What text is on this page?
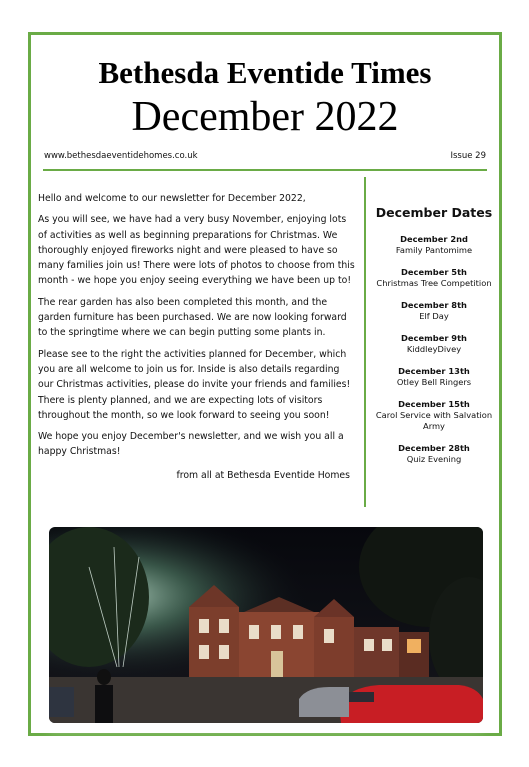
Bethesda Eventide Times
December 2022
www.bethesdaeventidehomes.co.uk	Issue 29

Hello and welcome to our newsletter for December 2022,

As you will see, we have had a very busy November, enjoying lots of activities as well as beginning preparations for Christmas. We thoroughly enjoyed fireworks night and were pleased to have so many families join us! There were lots of photos to choose from this month - we hope you enjoy seeing everything we have been up to!

The rear garden has also been completed this month, and the garden furniture has been purchased. We are now looking forward to the springtime where we can begin putting some plants in.

Please see to the right the activities planned for December, which you are all welcome to join us for. Inside is also details regarding our Christmas activities, please do invite your friends and families! There is plenty planned, and we are expecting lots of visitors throughout the month, so we look forward to seeing you soon!

We hope you enjoy December's newsletter, and we wish you all a happy Christmas!

from all at Bethesda Eventide Homes

December Dates
December 2nd
Family Pantomime
December 5th
Christmas Tree Competition
December 8th
Elf Day
December 9th
KiddleyDivey
December 13th
Otley Bell Ringers
December 15th
Carol Service with Salvation Army
December 28th
Quiz Evening
